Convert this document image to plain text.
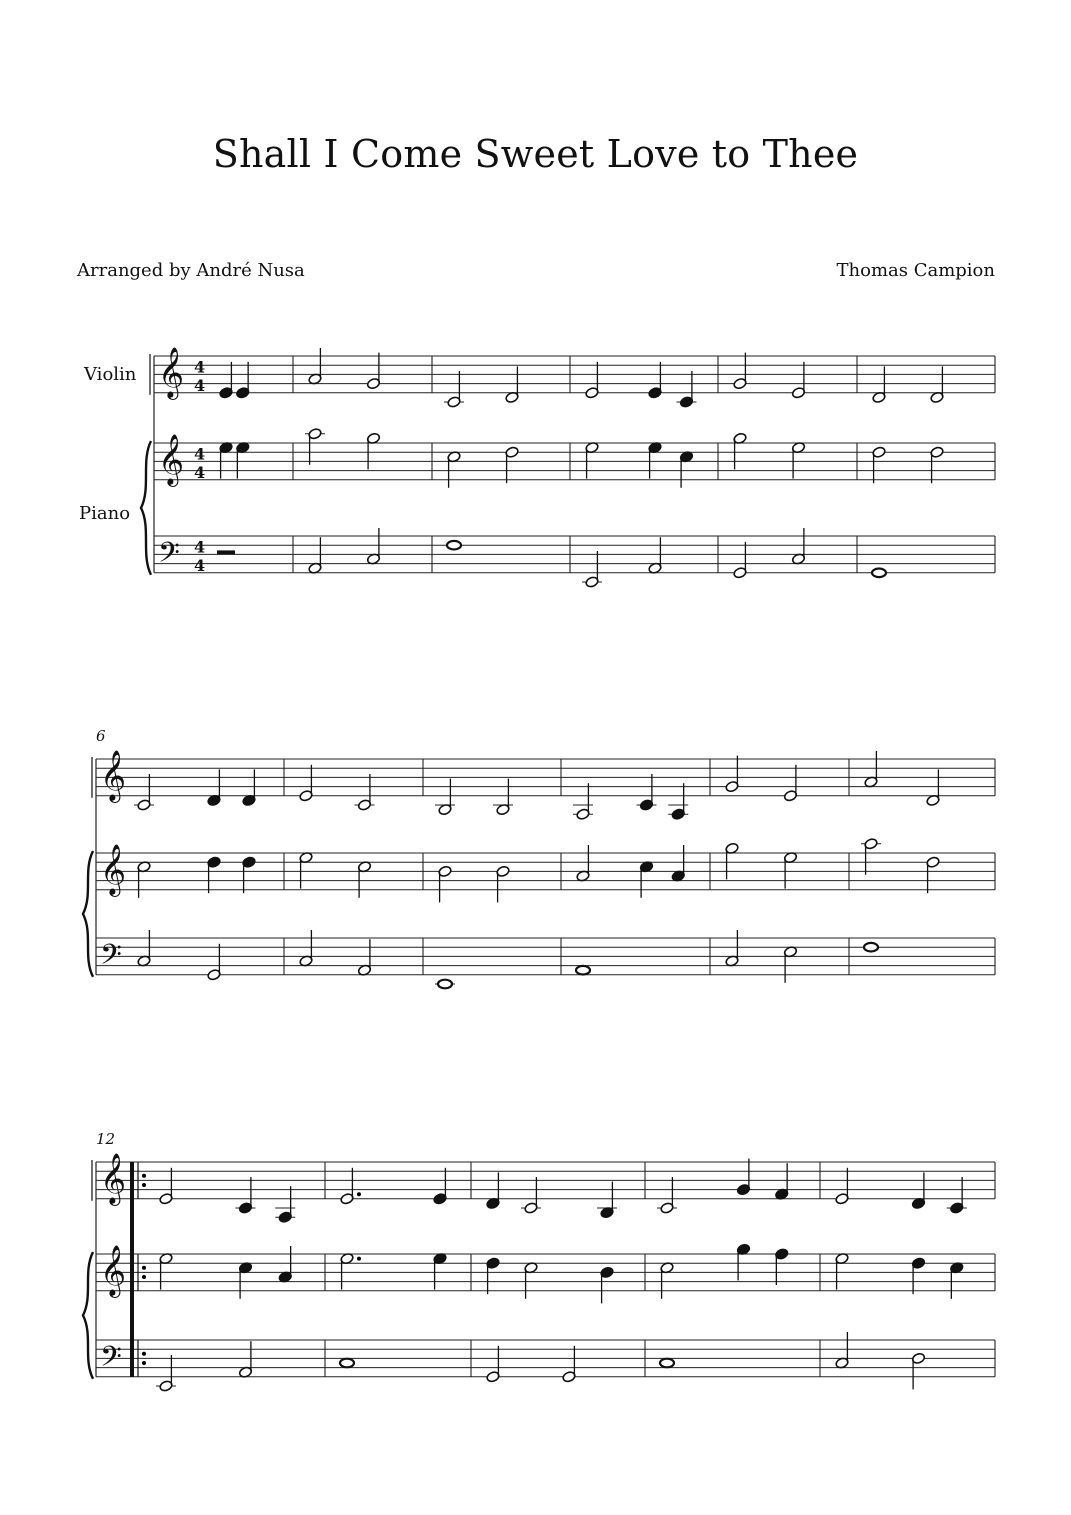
Shall I Come Sweet Love to Thee
Arranged by André Nusa	Thomas Campion
𝄞
𝄞
𝄢
4
4
4
4
4
4
Violin
Piano
𝄞
𝄞
𝄢
6
𝄞
𝄞
𝄢
12
